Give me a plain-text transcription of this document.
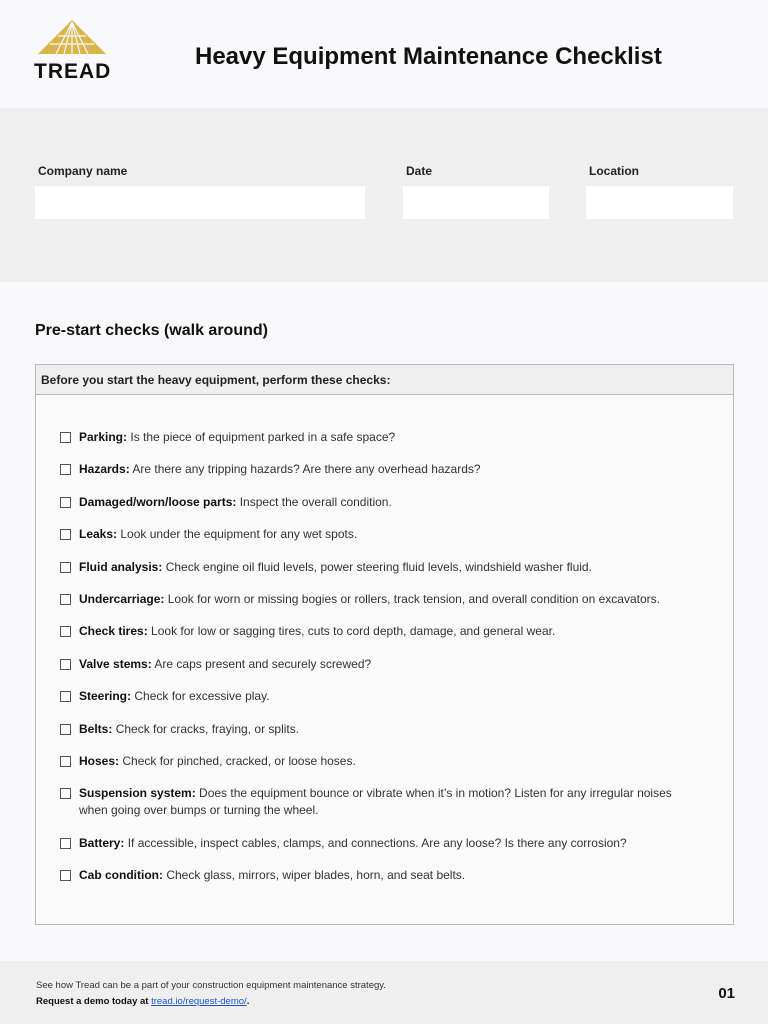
TREAD
Heavy Equipment Maintenance Checklist
Company name	Date	Location
Pre-start checks (walk around)
Before you start the heavy equipment, perform these checks:
Parking: Is the piece of equipment parked in a safe space?
Hazards: Are there any tripping hazards? Are there any overhead hazards?
Damaged/worn/loose parts: Inspect the overall condition.
Leaks: Look under the equipment for any wet spots.
Fluid analysis: Check engine oil fluid levels, power steering fluid levels, windshield washer fluid.
Undercarriage: Look for worn or missing bogies or rollers, track tension, and overall condition on excavators.
Check tires: Look for low or sagging tires, cuts to cord depth, damage, and general wear.
Valve stems: Are caps present and securely screwed?
Steering: Check for excessive play.
Belts: Check for cracks, fraying, or splits.
Hoses: Check for pinched, cracked, or loose hoses.
Suspension system: Does the equipment bounce or vibrate when it’s in motion? Listen for any irregular noises when going over bumps or turning the wheel.
Battery: If accessible, inspect cables, clamps, and connections. Are any loose? Is there any corrosion?
Cab condition: Check glass, mirrors, wiper blades, horn, and seat belts.
See how Tread can be a part of your construction equipment maintenance strategy.
Request a demo today at tread.io/request-demo/.	01
